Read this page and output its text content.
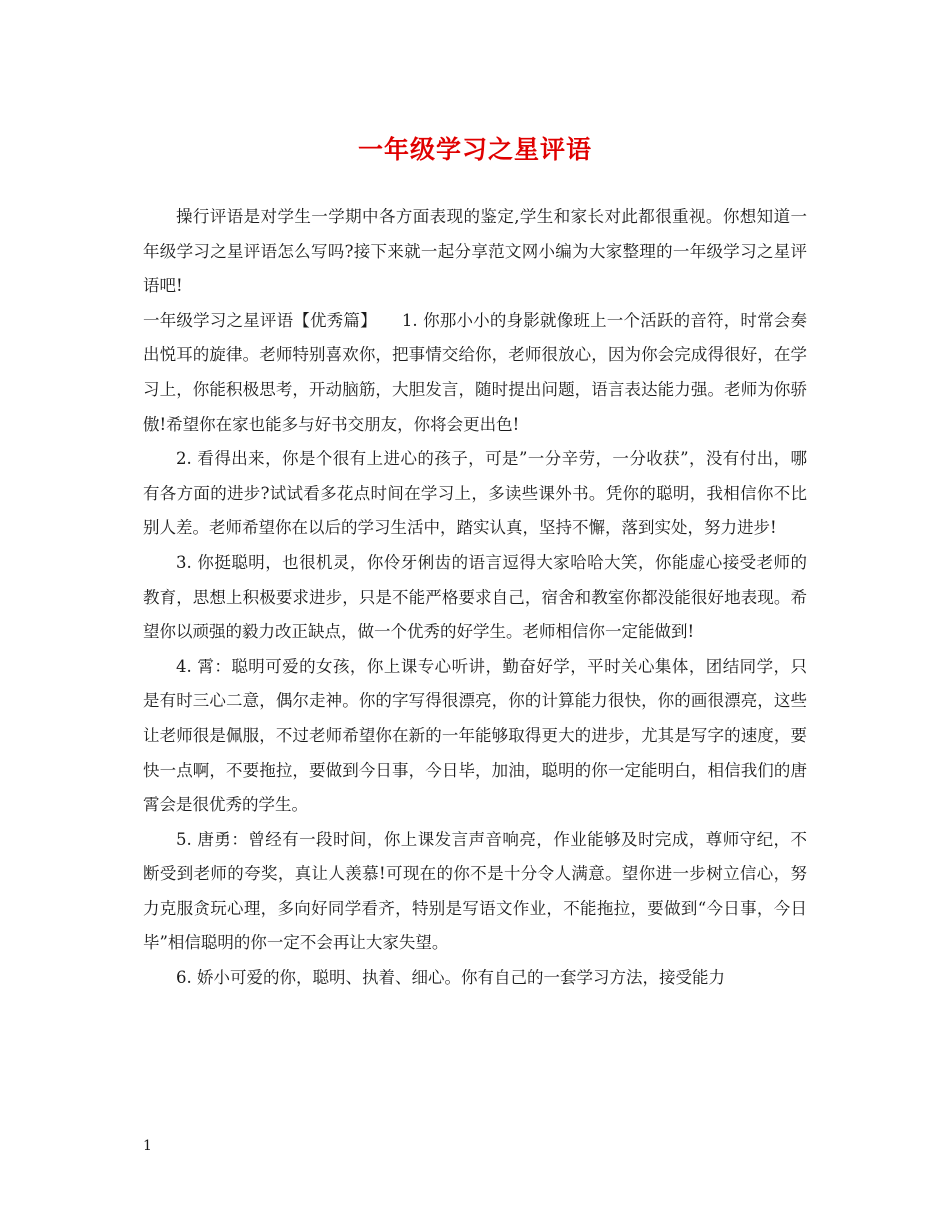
一年级学习之星评语

操行评语是对学生一学期中各方面表现的鉴定,学生和家长对此都很重视。你想知道一年级学习之星评语怎么写吗?接下来就一起分享范文网小编为大家整理的一年级学习之星评语吧!

一年级学习之星评语【优秀篇】　　1. 你那小小的身影就像班上一个活跃的音符，时常会奏出悦耳的旋律。老师特别喜欢你，把事情交给你，老师很放心，因为你会完成得很好，在学习上，你能积极思考，开动脑筋，大胆发言，随时提出问题，语言表达能力强。老师为你骄傲!希望你在家也能多与好书交朋友，你将会更出色!

2. 看得出来，你是个很有上进心的孩子，可是”一分辛劳，一分收获”，没有付出，哪有各方面的进步?试试看多花点时间在学习上，多读些课外书。凭你的聪明，我相信你不比别人差。老师希望你在以后的学习生活中，踏实认真，坚持不懈，落到实处，努力进步!

3. 你挺聪明，也很机灵，你伶牙俐齿的语言逗得大家哈哈大笑，你能虚心接受老师的教育，思想上积极要求进步，只是不能严格要求自己，宿舍和教室你都没能很好地表现。希望你以顽强的毅力改正缺点，做一个优秀的好学生。老师相信你一定能做到!

4. 霄：聪明可爱的女孩，你上课专心听讲，勤奋好学，平时关心集体，团结同学，只是有时三心二意，偶尔走神。你的字写得很漂亮，你的计算能力很快，你的画很漂亮，这些让老师很是佩服，不过老师希望你在新的一年能够取得更大的进步，尤其是写字的速度，要快一点啊，不要拖拉，要做到今日事，今日毕，加油，聪明的你一定能明白，相信我们的唐霄会是很优秀的学生。

5. 唐勇：曾经有一段时间，你上课发言声音响亮，作业能够及时完成，尊师守纪，不断受到老师的夸奖，真让人羡慕!可现在的你不是十分令人满意。望你进一步树立信心，努力克服贪玩心理，多向好同学看齐，特别是写语文作业，不能拖拉，要做到“今日事，今日毕”相信聪明的你一定不会再让大家失望。

6. 娇小可爱的你，聪明、执着、细心。你有自己的一套学习方法，接受能力

1
